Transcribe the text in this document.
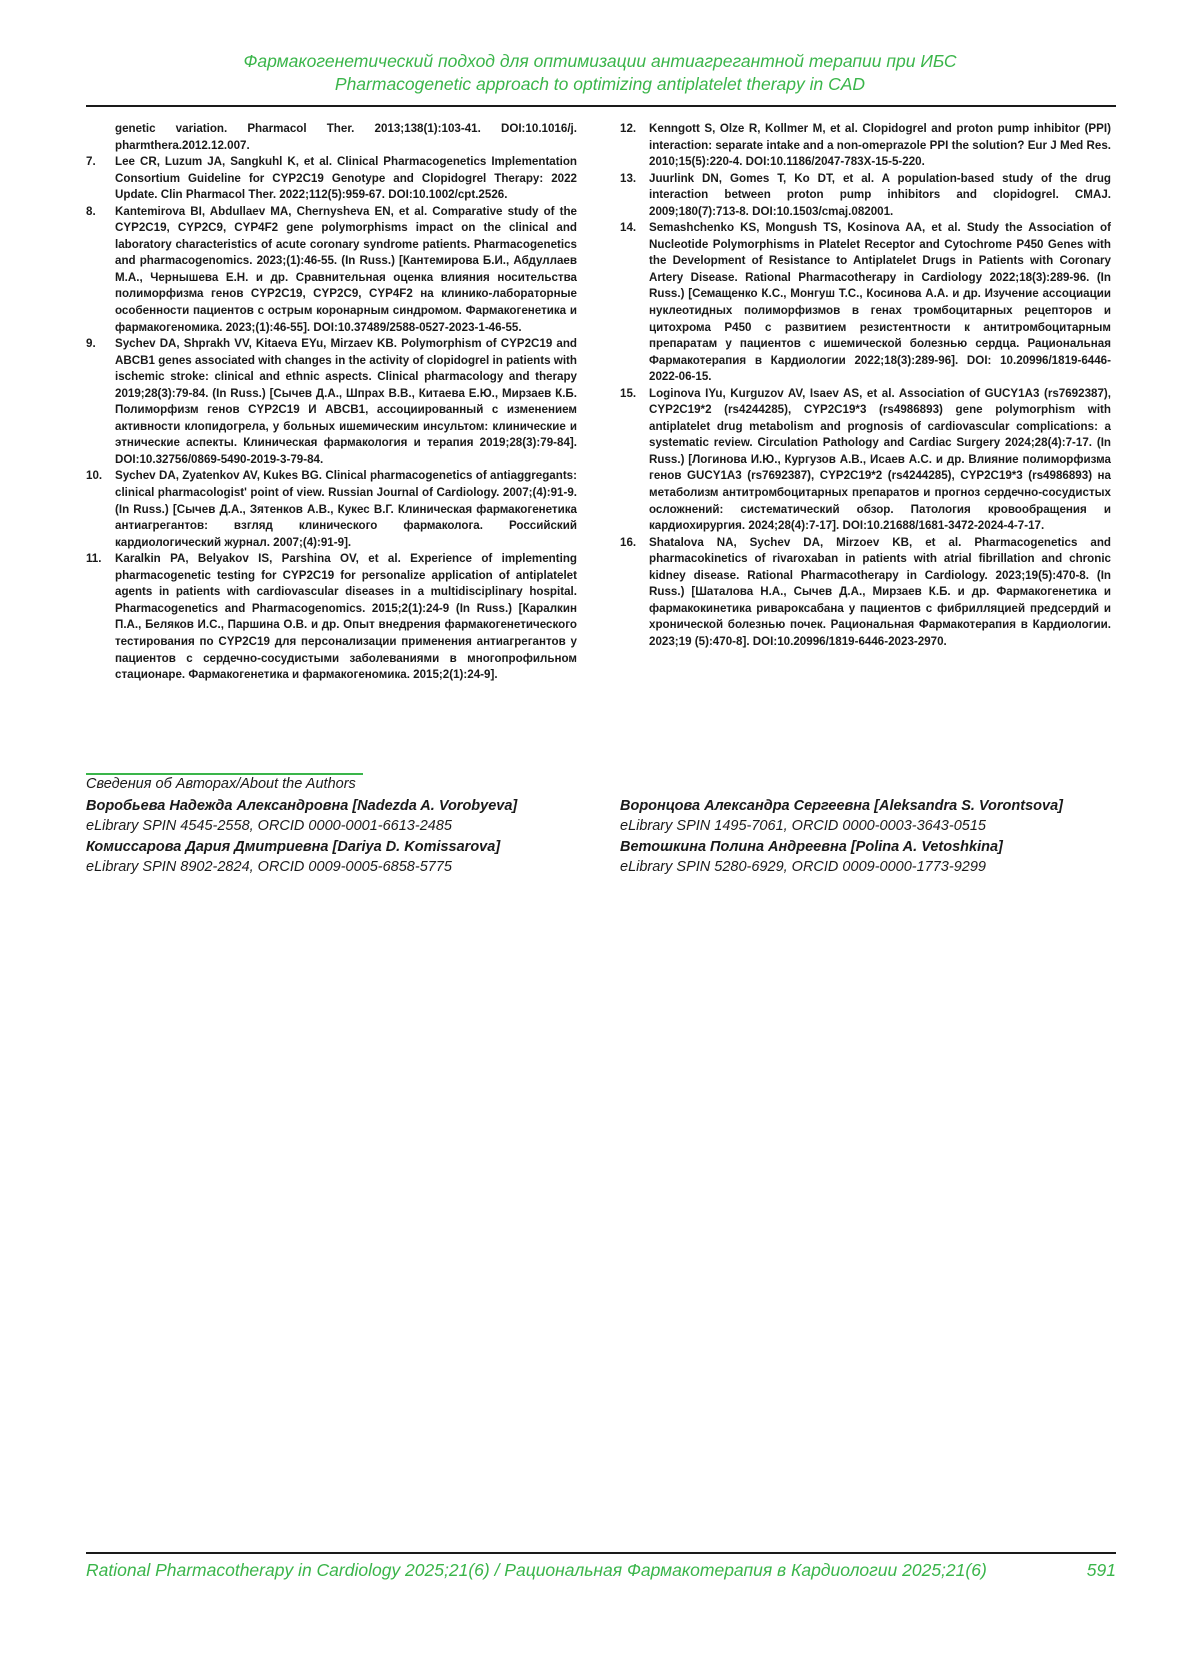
Фармакогенетический подход для оптимизации антиагрегантной терапии при ИБС
Pharmacogenetic approach to optimizing antiplatelet therapy in CAD
genetic variation. Pharmacol Ther. 2013;138(1):103-41. DOI:10.1016/j. pharmthera.2012.12.007.
7. Lee CR, Luzum JA, Sangkuhl K, et al. Clinical Pharmacogenetics Implementation Consortium Guideline for CYP2C19 Genotype and Clopidogrel Therapy: 2022 Update. Clin Pharmacol Ther. 2022;112(5):959-67. DOI:10.1002/cpt.2526.
8. Kantemirova BI, Abdullaev MA, Chernysheva EN, et al. Comparative study of the CYP2C19, CYP2C9, CYP4F2 gene polymorphisms impact on the clinical and laboratory characteristics of acute coronary syndrome patients. Pharmacogenetics and pharmacogenomics. 2023;(1):46-55. (In Russ.) [Кантемирова Б.И., Абдуллаев М.А., Чернышева Е.Н. и др. Сравнительная оценка влияния носительства полиморфизма генов CYP2C19, CYP2C9, CYP4F2 на клинико-лабораторные особенности пациентов с острым коронарным синдромом. Фармакогенетика и фармакогеномика. 2023;(1):46-55]. DOI:10.37489/2588-0527-2023-1-46-55.
9. Sychev DA, Shprakh VV, Kitaeva EYu, Mirzaev KB. Polymorphism of CYP2C19 and ABCB1 genes associated with changes in the activity of clopidogrel in patients with ischemic stroke: clinical and ethnic aspects. Clinical pharmacology and therapy 2019;28(3):79-84. (In Russ.) [Сычев Д.А., Шпрах В.В., Китаева Е.Ю., Мирзаев К.Б. Полиморфизм генов CYP2C19 И ABCB1, ассоциированный с изменением активности клопидогрела, у больных ишемическим инсультом: клинические и этнические аспекты. Клиническая фармакология и терапия 2019;28(3):79-84]. DOI:10.32756/0869-5490-2019-3-79-84.
10. Sychev DA, Zyatenkov AV, Kukes BG. Clinical pharmacogenetics of antiaggregants: clinical pharmacologist' point of view. Russian Journal of Cardiology. 2007;(4):91-9. (In Russ.) [Сычев Д.А., Зятенков А.В., Кукес В.Г. Клиническая фармакогенетика антиагрегантов: взгляд клинического фармаколога. Российский кардиологический журнал. 2007;(4):91-9].
11. Karalkin PA, Belyakov IS, Parshina OV, et al. Experience of implementing pharmacogenetic testing for CYP2C19 for personalize application of antiplatelet agents in patients with cardiovascular diseases in a multidisciplinary hospital. Pharmacogenetics and Pharmacogenomics. 2015;2(1):24-9 (In Russ.) [Каралкин П.А., Беляков И.С., Паршина О.В. и др. Опыт внедрения фармакогенетического тестирования по CYP2C19 для персонализации применения антиагрегантов у пациентов с сердечно-сосудистыми заболеваниями в многопрофильном стационаре. Фармакогенетика и фармакогеномика. 2015;2(1):24-9].
12. Kenngott S, Olze R, Kollmer M, et al. Clopidogrel and proton pump inhibitor (PPI) interaction: separate intake and a non-omeprazole PPI the solution? Eur J Med Res. 2010;15(5):220-4. DOI:10.1186/2047-783X-15-5-220.
13. Juurlink DN, Gomes T, Ko DT, et al. A population-based study of the drug interaction between proton pump inhibitors and clopidogrel. CMAJ. 2009;180(7):713-8. DOI:10.1503/cmaj.082001.
14. Semashchenko KS, Mongush TS, Kosinova AA, et al. Study the Association of Nucleotide Polymorphisms in Platelet Receptor and Cytochrome P450 Genes with the Development of Resistance to Antiplatelet Drugs in Patients with Coronary Artery Disease. Rational Pharmacotherapy in Cardiology 2022;18(3):289-96. (In Russ.) [Семащенко К.С., Монгуш Т.С., Косинова А.А. и др. Изучение ассоциации нуклеотидных полиморфизмов в генах тромбоцитарных рецепторов и цитохрома P450 с развитием резистентности к антитромбоцитарным препаратам у пациентов с ишемической болезнью сердца. Рациональная Фармакотерапия в Кардиологии 2022;18(3):289-96]. DOI: 10.20996/1819-6446-2022-06-15.
15. Loginova IYu, Kurguzov AV, Isaev AS, et al. Association of GUCY1A3 (rs7692387), CYP2C19*2 (rs4244285), CYP2C19*3 (rs4986893) gene polymorphism with antiplatelet drug metabolism and prognosis of cardiovascular complications: a systematic review. Circulation Pathology and Cardiac Surgery 2024;28(4):7-17. (In Russ.) [Логинова И.Ю., Кургузов А.В., Исаев А.С. и др. Влияние полиморфизма генов GUCY1A3 (rs7692387), CYP2C19*2 (rs4244285), CYP2C19*3 (rs4986893) на метаболизм антитромбоцитарных препаратов и прогноз сердечно-сосудистых осложнений: систематический обзор. Патология кровообращения и кардиохирургия. 2024;28(4):7-17]. DOI:10.21688/1681-3472-2024-4-7-17.
16. Shatalova NA, Sychev DA, Mirzoev KB, et al. Pharmacogenetics and pharmacokinetics of rivaroxaban in patients with atrial fibrillation and chronic kidney disease. Rational Pharmacotherapy in Cardiology. 2023;19(5):470-8. (In Russ.) [Шаталова Н.А., Сычев Д.А., Мирзаев К.Б. и др. Фармакогенетика и фармакокинетика ривароксабана у пациентов с фибрилляцией предсердий и хронической болезнью почек. Рациональная Фармакотерапия в Кардиологии. 2023;19 (5):470-8]. DOI:10.20996/1819-6446-2023-2970.
Сведения об Авторах/About the Authors
Воробьева Надежда Александровна [Nadezda A. Vorobyeva]
eLibrary SPIN 4545-2558, ORCID 0000-0001-6613-2485
Комиссарова Дария Дмитриевна [Dariya D. Komissarova]
eLibrary SPIN 8902-2824, ORCID 0009-0005-6858-5775
Воронцова Александра Сергеевна [Aleksandra S. Vorontsova]
eLibrary SPIN 1495-7061, ORCID 0000-0003-3643-0515
Ветошкина Полина Андреевна [Polina A. Vetoshkina]
eLibrary SPIN 5280-6929, ORCID 0009-0000-1773-9299
Rational Pharmacotherapy in Cardiology 2025;21(6) / Рациональная Фармакотерапия в Кардиологии 2025;21(6)	591
